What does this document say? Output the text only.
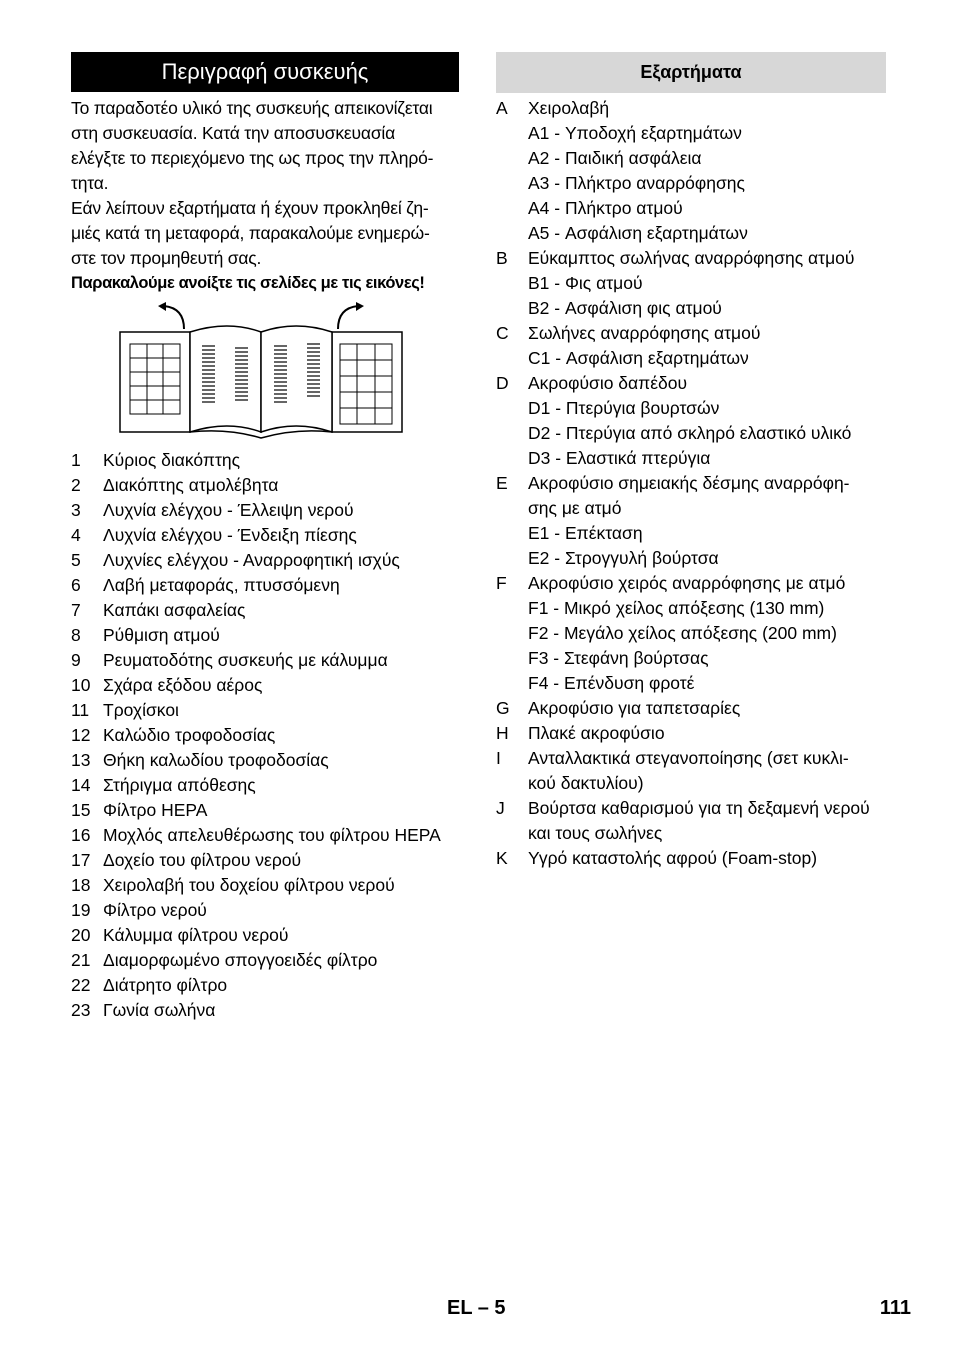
Περιγραφή συσκευής

Το παραδοτέο υλικό της συσκευής απεικονίζεται

στη συσκευασία. Κατά την αποσυσκευασία

ελέγξτε το περιεχόμενο της ως προς την πληρό-

τητα.

Εάν λείπουν εξαρτήματα ή έχουν προκληθεί ζη-

μιές κατά τη μεταφορά, παρακαλούμε ενημερώ-

στε τον προμηθευτή σας.

Παρακαλούμε ανοίξτε τις σελίδες με τις εικόνες!

1	Κύριος διακόπτης
2	Διακόπτης ατμολέβητα
3	Λυχνία ελέγχου - Έλλειψη νερού
4	Λυχνία ελέγχου - Ένδειξη πίεσης
5	Λυχνίες ελέγχου - Αναρροφητική ισχύς
6	Λαβή μεταφοράς, πτυσσόμενη
7	Καπάκι ασφαλείας
8	Ρύθμιση ατμού
9	Ρευματοδότης συσκευής με κάλυμμα
10 Σχάρα εξόδου αέρος
11 Τροχίσκοι
12 Καλώδιο τροφοδοσίας
13 Θήκη καλωδίου τροφοδοσίας
14 Στήριγμα απόθεσης
15 Φίλτρο HEPA
16 Μοχλός απελευθέρωσης του φίλτρου HEPA
17 Δοχείο του φίλτρου νερού
18 Χειρολαβή του δοχείου φίλτρου νερού
19 Φίλτρο νερού
20 Κάλυμμα φίλτρου νερού
21 Διαμορφωμένο σπογγοειδές φίλτρο
22 Διάτρητο φίλτρο
23 Γωνία σωλήνα
Εξαρτήματα
A Χειρολαβή
A1 - Υποδοχή εξαρτημάτων
A2 - Παιδική ασφάλεια
A3 - Πλήκτρο αναρρόφησης
A4 - Πλήκτρο ατμού
A5 - Ασφάλιση εξαρτημάτων
B Εύκαμπτος σωλήνας αναρρόφησης ατμού
B1 - Φις ατμού
B2 - Ασφάλιση φις ατμού
C Σωλήνες αναρρόφησης ατμού
C1 - Ασφάλιση εξαρτημάτων
D Ακροφύσιο δαπέδου
D1 - Πτερύγια βουρτσών
D2 - Πτερύγια από σκληρό ελαστικό υλικό
D3 - Ελαστικά πτερύγια
E Ακροφύσιο σημειακής δέσμης αναρρόφη-
σης με ατμό
E1 - Επέκταση
E2 - Στρογγυλή βούρτσα
F Ακροφύσιο χειρός αναρρόφησης με ατμό
F1 - Μικρό χείλος απόξεσης (130 mm)
F2 - Μεγάλο χείλος απόξεσης (200 mm)
F3 - Στεφάνη βούρτσας
F4 - Επένδυση φροτέ
G Ακροφύσιο για ταπετσαρίες
H Πλακέ ακροφύσιο
I Ανταλλακτικά στεγανοποίησης (σετ κυκλι-
κού δακτυλίου)
J Βούρτσα καθαρισμού για τη δεξαμενή νερού
και τους σωλήνες
K Υγρό καταστολής αφρού (Foam-stop)
EL – 5	111
